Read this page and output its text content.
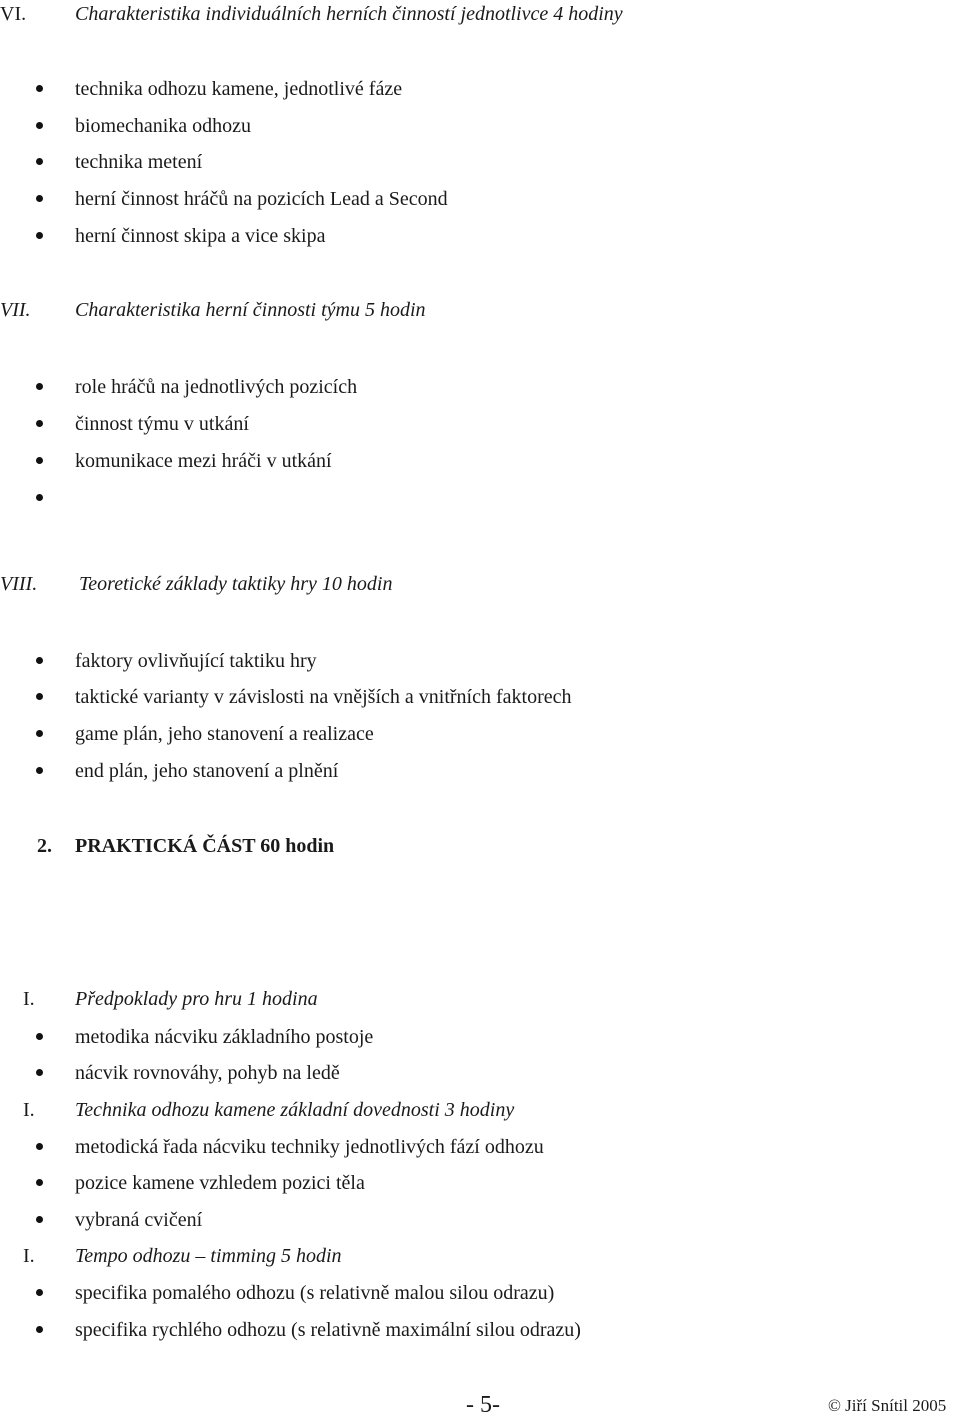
VI. Charakteristika individuálních herních činností jednotlivce 4 hodiny
technika odhozu kamene, jednotlivé fáze
biomechanika odhozu
technika metení
herní činnost hráčů na pozicích Lead a Second
herní činnost skipa a vice skipa
VII. Charakteristika herní činnosti týmu 5 hodin
role hráčů na jednotlivých pozicích
činnost týmu v utkání
komunikace mezi hráči v utkání
VIII. Teoretické základy taktiky hry 10 hodin
faktory ovlivňující taktiku hry
taktické varianty v závislosti na vnějších a vnitřních faktorech
game plán, jeho stanovení a realizace
end plán, jeho stanovení a plnění
2. PRAKTICKÁ ČÁST 60 hodin
I. Předpoklady pro hru 1 hodina
metodika nácviku základního postoje
nácvik rovnováhy, pohyb na ledě
I. Technika odhozu kamene základní dovednosti 3 hodiny
metodická řada nácviku techniky jednotlivých fází odhozu
pozice kamene vzhledem pozici těla
vybraná cvičení
I. Tempo odhozu – timming 5 hodin
specifika pomalého odhozu (s relativně malou silou odrazu)
specifika rychlého odhozu (s relativně maximální silou odrazu)
- 5-	© Jiří Snítil 2005
